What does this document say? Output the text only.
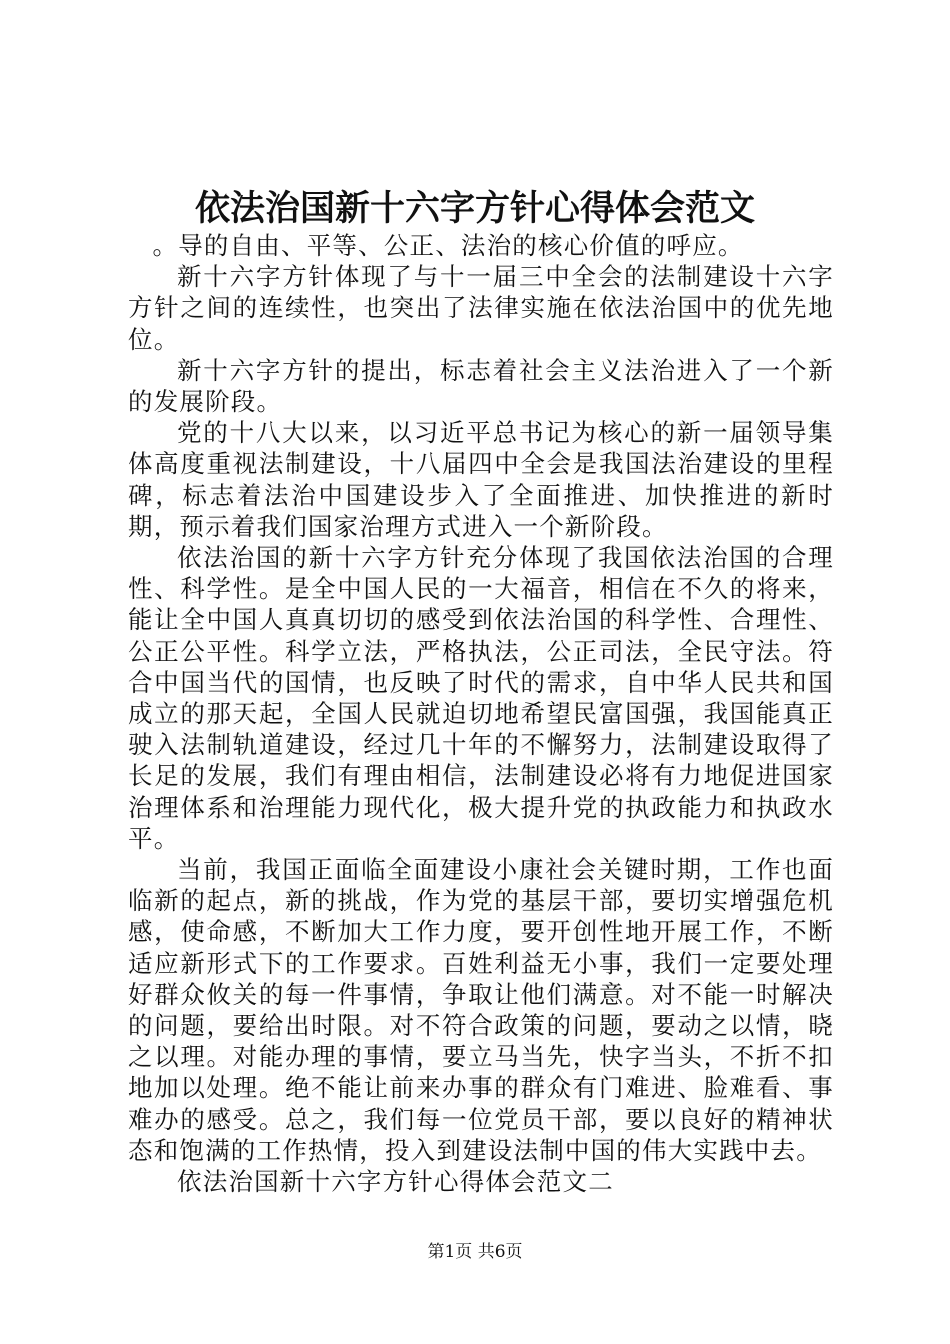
依法治国新十六字方针心得体会范文

。导的自由、平等、公正、法治的核心价值的呼应。

新十六字方针体现了与十一届三中全会的法制建设十六字方针之间的连续性，也突出了法律实施在依法治国中的优先地位。

新十六字方针的提出，标志着社会主义法治进入了一个新的发展阶段。

党的十八大以来，以习近平总书记为核心的新一届领导集体高度重视法制建设，十八届四中全会是我国法治建设的里程碑，标志着法治中国建设步入了全面推进、加快推进的新时期，预示着我们国家治理方式进入一个新阶段。

依法治国的新十六字方针充分体现了我国依法治国的合理性、科学性。是全中国人民的一大福音，相信在不久的将来，能让全中国人真真切切的感受到依法治国的科学性、合理性、公正公平性。科学立法，严格执法，公正司法，全民守法。符合中国当代的国情，也反映了时代的需求，自中华人民共和国成立的那天起，全国人民就迫切地希望民富国强，我国能真正驶入法制轨道建设，经过几十年的不懈努力，法制建设取得了长足的发展，我们有理由相信，法制建设必将有力地促进国家治理体系和治理能力现代化，极大提升党的执政能力和执政水平。

当前，我国正面临全面建设小康社会关键时期，工作也面临新的起点，新的挑战，作为党的基层干部，要切实增强危机感，使命感，不断加大工作力度，要开创性地开展工作，不断适应新形式下的工作要求。百姓利益无小事，我们一定要处理好群众攸关的每一件事情，争取让他们满意。对不能一时解决的问题，要给出时限。对不符合政策的问题，要动之以情，晓之以理。对能办理的事情，要立马当先，快字当头，不折不扣地加以处理。绝不能让前来办事的群众有门难进、脸难看、事难办的感受。总之，我们每一位党员干部，要以良好的精神状态和饱满的工作热情，投入到建设法制中国的伟大实践中去。

依法治国新十六字方针心得体会范文二

第1页 共6页
